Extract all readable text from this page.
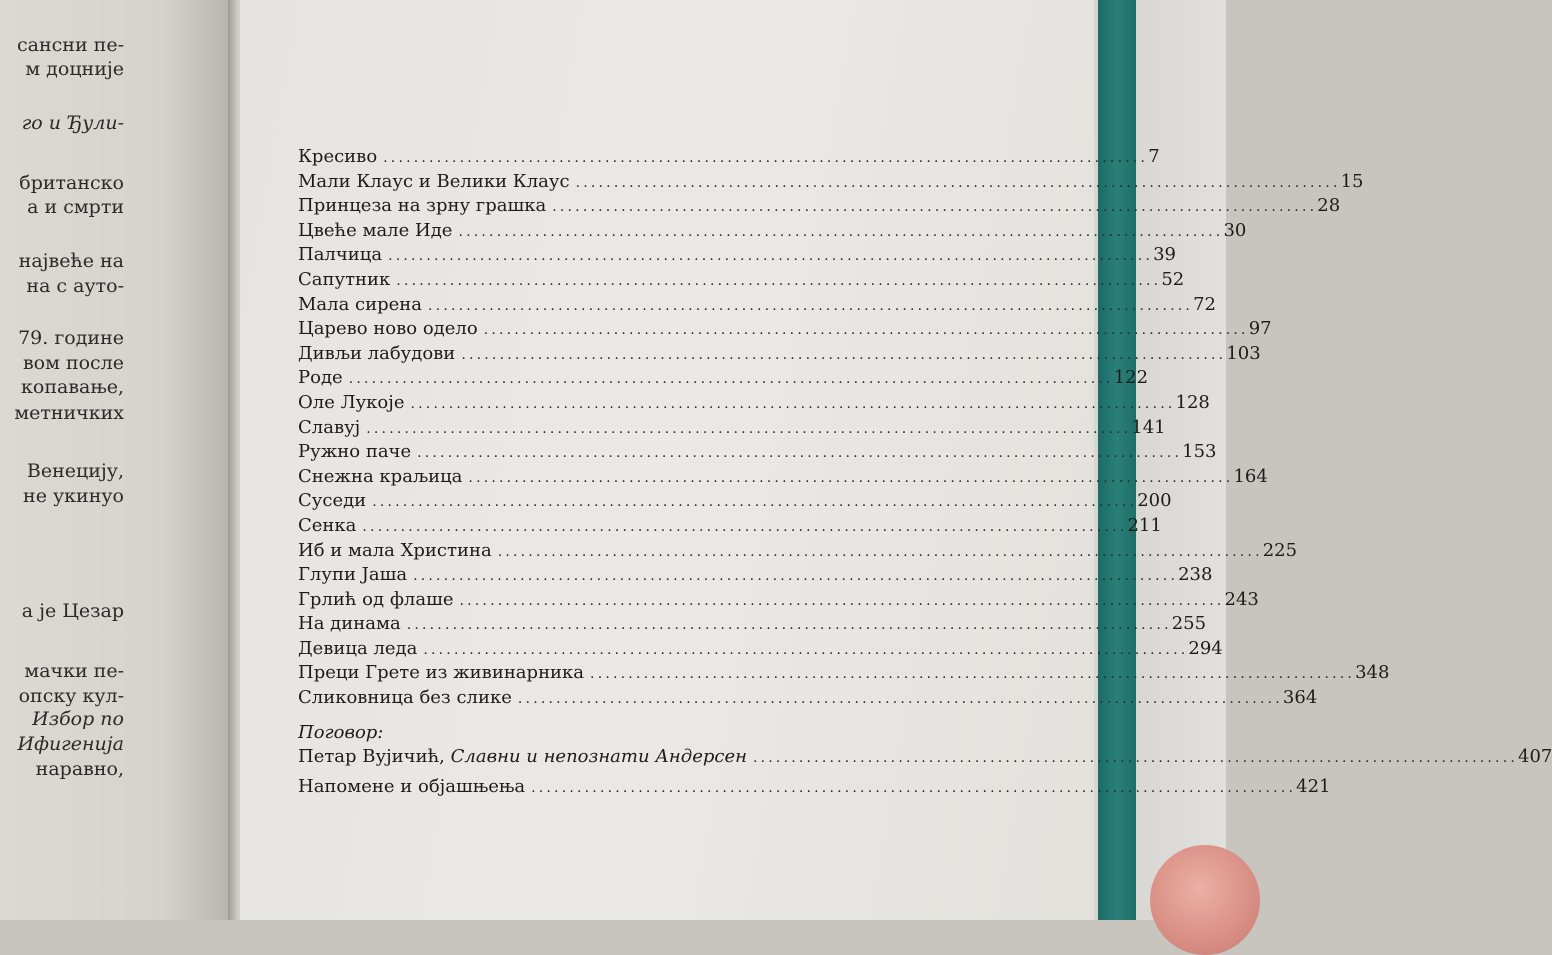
сансни пе-
м доцније
го и Ђули-
британско
а и смрти
највеће на
на с ауто-
79. године
вом после
копавање,
метничких
Венецију,
не укинуо
а је Цезар
мачки пе-
опску кул-
Избор по
Ифигенија
наравно,
Кресиво .................................................................................................... 7
Мали Клаус и Велики Клаус .................................................................................................... 15
Принцеза на зрну грашка .................................................................................................... 28
Цвеће мале Иде .................................................................................................... 30
Палчица .................................................................................................... 39
Сапутник .................................................................................................... 52
Мала сирена .................................................................................................... 72
Царево ново одело .................................................................................................... 97
Дивљи лабудови .................................................................................................... 103
Роде .................................................................................................... 122
Оле Лукоје .................................................................................................... 128
Славуј .................................................................................................... 141
Ружно паче .................................................................................................... 153
Снежна краљица .................................................................................................... 164
Суседи .................................................................................................... 200
Сенка .................................................................................................... 211
Иб и мала Христина .................................................................................................... 225
Глупи Јаша .................................................................................................... 238
Грлић од флаше .................................................................................................... 243
На динама .................................................................................................... 255
Девица леда .................................................................................................... 294
Преци Грете из живинарника .................................................................................................... 348
Сликовница без слике .................................................................................................... 364
Поговор:
Петар Вујичић, Славни и непознати Андерсен .................................................................................................... 407
Напомене и објашњења .................................................................................................... 421
